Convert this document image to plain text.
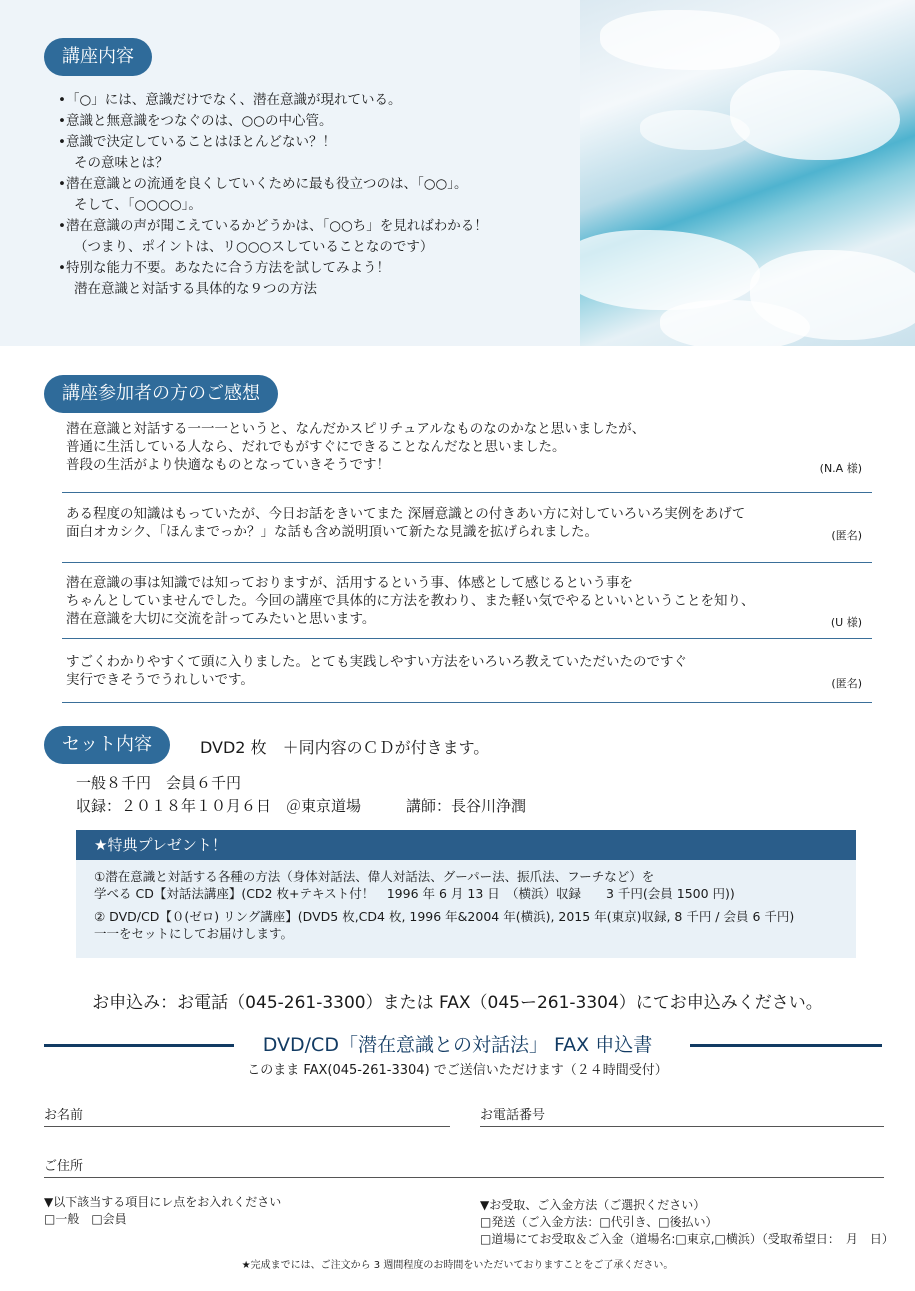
講座内容
•「○」には、意識だけでなく、潜在意識が現れている。
•意識と無意識をつなぐのは、○○の中心管。
•意識で決定していることはほとんどない？！
その意味とは？
•潜在意識との流通を良くしていくために最も役立つのは、「○○」。
そして、「○○○○」。
•潜在意識の声が聞こえているかどうかは、「○○ち」を見ればわかる！
（つまり、ポイントは、リ○○○スしていることなのです）
•特別な能力不要。あなたに合う方法を試してみよう！
潜在意識と対話する具体的な９つの方法
講座参加者の方のご感想
潜在意識と対話する一一一というと、なんだかスピリチュアルなものなのかなと思いましたが、
普通に生活している人なら、だれでもがすぐにできることなんだなと思いました。
普段の生活がより快適なものとなっていきそうです！	(N.A 様)
ある程度の知識はもっていたが、今日お話をきいてまた 深層意識との付きあい方に対していろいろ実例をあげて
面白オカシク、「ほんまでっか？」な話も含め説明頂いて新たな見識を拡げられました。	(匿名)
潜在意識の事は知識では知っておりますが、活用するという事、体感として感じるという事を
ちゃんとしていませんでした。今回の講座で具体的に方法を教わり、また軽い気でやるといいということを知り、
潜在意識を大切に交流を計ってみたいと思います。	(U 様)
すごくわかりやすくて頭に入りました。とても実践しやすい方法をいろいろ教えていただいたのですぐ
実行できそうでうれしいです。	(匿名)
セット内容	DVD2 枚　＋同内容のＣＤが付きます。
一般８千円　会員６千円
収録：２０１８年１０月６日　＠東京道場　　　講師：長谷川浄潤
★特典プレゼント！

①潜在意識と対話する各種の方法（身体対話法、偉人対話法、グーパー法、振爪法、フーチなど）を
学べる CD【対話法講座】(CD2 枚+テキスト付！　1996 年 6 月 13 日　（横浜）収録　　3 千円(会員 1500 円))

② DVD/CD【０(ゼロ) リング講座】(DVD5 枚,CD4 枚, 1996 年&2004 年(横浜), 2015 年(東京)収録, 8 千円 / 会員 6 千円)
一一をセットにしてお届けします。

お申込み：お電話（045-261-3300）または FAX（045ー261-3304）にてお申込みください。
DVD/CD「潜在意識との対話法」 FAX 申込書
このまま FAX(045-261-3304) でご送信いただけます（２４時間受付）
お名前	お電話番号
ご住所
▼以下該当する項目にレ点をお入れください
□一般　□会員
▼お受取、ご入金方法（ご選択ください）
□発送（ご入金方法：□代引き、□後払い）
□道場にてお受取＆ご入金（道場名:□東京,□横浜）（受取希望日：　月　日）
★完成までには、ご注文から 3 週間程度のお時間をいただいておりますことをご了承ください。
